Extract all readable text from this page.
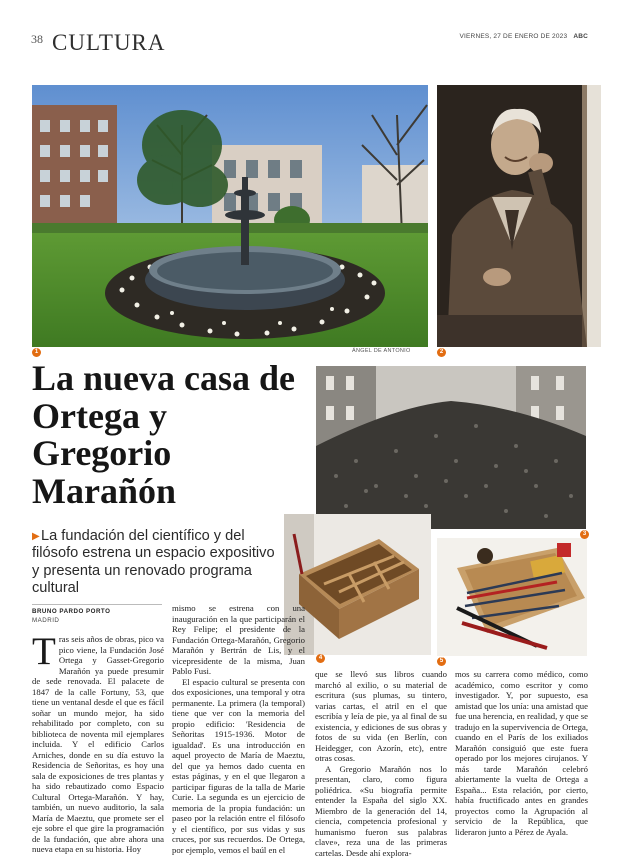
38 CULTURA	VIERNES, 27 DE ENERO DE 2023 ABC
1	ÁNGEL DE ANTONIO	2
La nueva casa de Ortega y Gregorio Marañón
▶La fundación del científico y del filósofo estrena un espacio expositivo y presenta un renovado programa cultural
4
3
5
BRUNO PARDO PORTO
MADRID
Tras seis años de obras, pico va pico viene, la Fundación José Ortega y Gasset-Gregorio Marañón ya puede presumir de sede renovada. El palacete de 1847 de la calle Fortuny, 53, que tiene un ventanal desde el que es fácil soñar un mundo mejor, ha sido rehabilitado por completo, con su biblioteca de noventa mil ejemplares incluida. Y el edificio Carlos Arniches, donde en su día estuvo la Residencia de Señoritas, es hoy una sala de exposiciones de tres plantas y ha sido rebautizado como Espacio Cultural Ortega-Marañón. Y hay, también, un nuevo auditorio, la sala María de Maeztu, que promete ser el eje sobre el que gire la programación de la fundación, que abre ahora una nueva etapa en su historia. Hoy

mismo se estrena con una inauguración en la que participarán el Rey Felipe; el presidente de la Fundación Ortega-Marañón, Gregorio Marañón y Bertrán de Lis, y el vicepresidente de la misma, Juan Pablo Fusi.

El espacio cultural se presenta con dos exposiciones, una temporal y otra permanente. La primera (la temporal) tiene que ver con la memoria del propio edificio: 'Residencia de Señoritas 1915-1936. Motor de igualdad'. Es una introducción en aquel proyecto de María de Maeztu, del que ya hemos dado cuenta en estas páginas, y en el que llegaron a participar figuras de la talla de Marie Curie. La segunda es un ejercicio de memoria de la propia fundación: un paseo por la relación entre el filósofo y el científico, por sus vidas y sus cruces, por sus recuerdos. De Ortega, por ejemplo, vemos el baúl en el

que se llevó sus libros cuando marchó al exilio, o su material de escritura (sus plumas, su tintero, varias cartas, el atril en el que escribía y leía de pie, ya al final de su existencia, y ediciones de sus obras y fotos de su vida (en Berlín, con Heidegger, con Azorín, etc), entre otras cosas.

A Gregorio Marañón nos lo presentan, claro, como figura poliédrica. «Su biografía permite entender la España del siglo XX. Miembro de la generación del 14, ciencia, competencia profesional y humanismo fueron sus palabras clave», reza una de las primeras cartelas. Desde ahí explora-

mos su carrera como médico, como académico, como escritor y como investigador. Y, por supuesto, esa amistad que los unía: una amistad que fue una herencia, en realidad, y que se tradujo en la supervivencia de Ortega, cuando en el París de los exiliados Marañón consiguió que este fuera operado por los mejores cirujanos. Y más tarde Marañón celebró abiertamente la vuelta de Ortega a España... Esta relación, por cierto, había fructificado antes en grandes proyectos como la Agrupación al servicio de la República, que lideraron junto a Pérez de Ayala.
